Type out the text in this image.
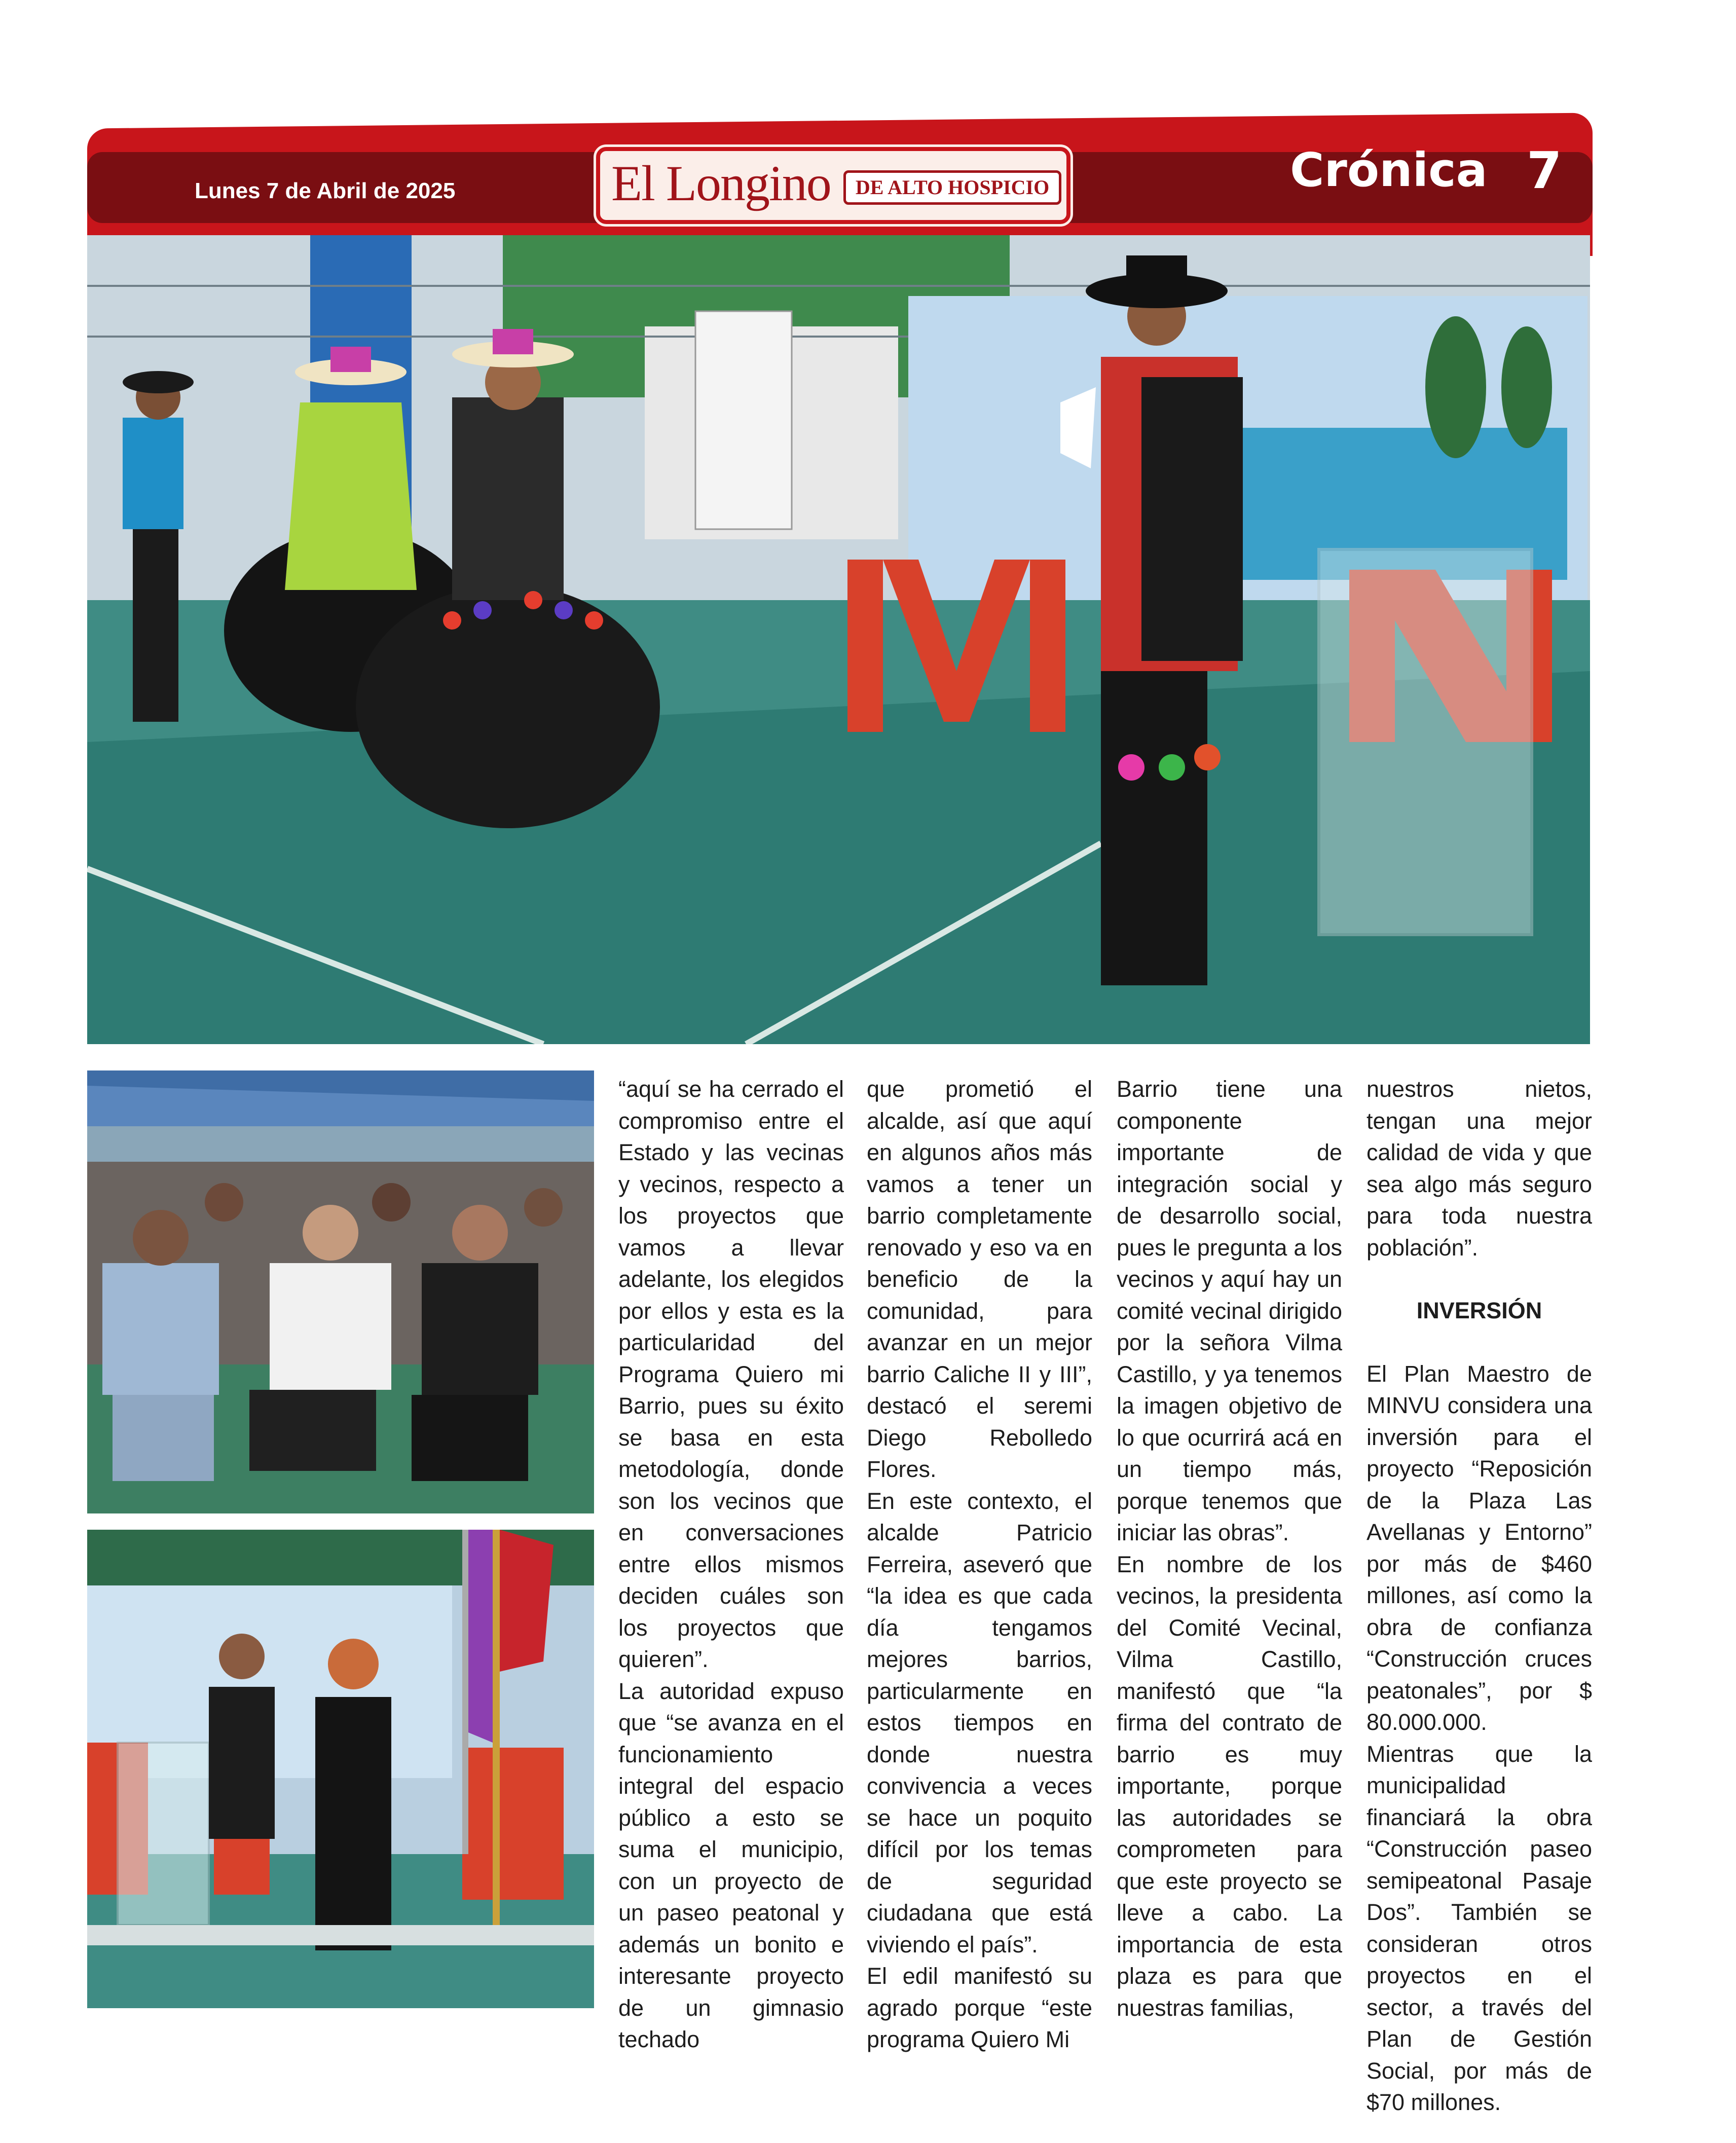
Lunes 7 de Abril de 2025	El Longino	DE ALTO HOSPICIO	Crónica 7

“aquí se ha cerrado el compromiso entre el Estado y las vecinas y vecinos, respecto a los proyectos que vamos a llevar adelante, los elegidos por ellos y esta es la particularidad del Programa Quiero mi Barrio, pues su éxito se basa en esta metodología, donde son los vecinos que en conversaciones entre ellos mismos deciden cuáles son los proyectos que quieren”.

La autoridad expuso que “se avanza en el funcionamiento integral del espacio público a esto se suma el municipio, con un proyecto de un paseo peatonal y además un bonito e interesante proyecto de un gimnasio techado

que prometió el alcalde, así que aquí en algunos años más vamos a tener un barrio completamente renovado y eso va en beneficio de la comunidad, para avanzar en un mejor barrio Caliche II y III”, destacó el seremi Diego Rebolledo Flores.

En este contexto, el alcalde Patricio Ferreira, aseveró que “la idea es que cada día tengamos mejores barrios, particularmente en estos tiempos en donde nuestra convivencia a veces se hace un poquito difícil por los temas de seguridad ciudadana que está viviendo el país”.

El edil manifestó su agrado porque “este programa Quiero Mi

Barrio tiene una componente importante de integración social y de desarrollo social, pues le pregunta a los vecinos y aquí hay un comité vecinal dirigido por la señora Vilma Castillo, y ya tenemos la imagen objetivo de lo que ocurrirá acá en un tiempo más, porque tenemos que iniciar las obras”.

En nombre de los vecinos, la presidenta del Comité Vecinal, Vilma Castillo, manifestó que “la firma del contrato de barrio es muy importante, porque las autoridades se comprometen para que este proyecto se lleve a cabo. La importancia de esta plaza es para que nuestras familias,

nuestros nietos, tengan una mejor calidad de vida y que sea algo más seguro para toda nuestra población”.

INVERSIÓN

El Plan Maestro de MINVU considera una inversión para el proyecto “Reposición de la Plaza Las Avellanas y Entorno” por más de $460 millones, así como la obra de confianza “Construcción cruces peatonales”, por $ 80.000.000.

Mientras que la municipalidad financiará la obra “Construcción paseo semipeatonal Pasaje Dos”. También se consideran otros proyectos en el sector, a través del Plan de Gestión Social, por más de $70 millones.
